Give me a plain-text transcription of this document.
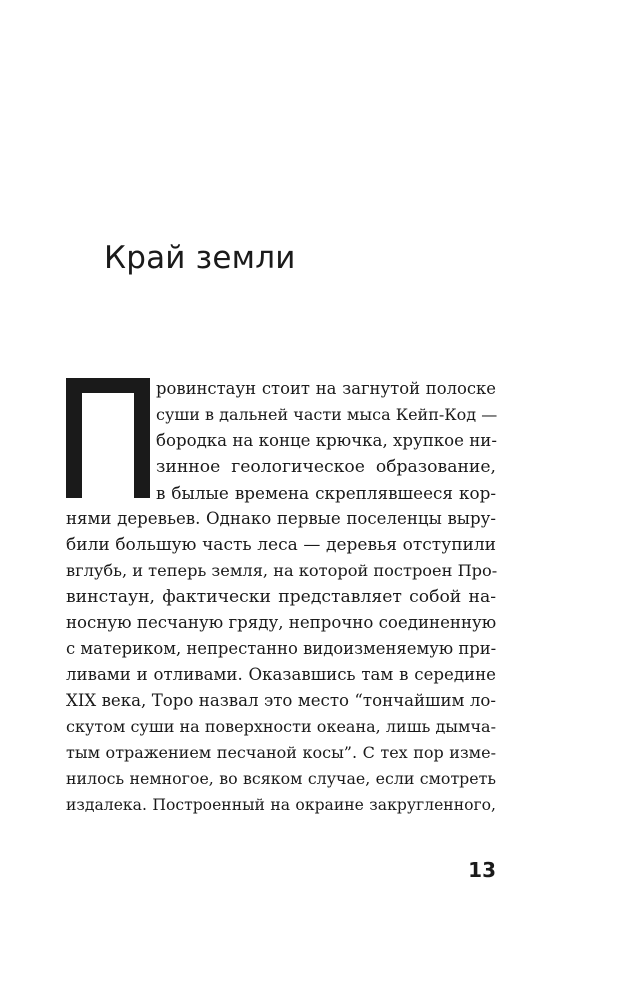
Край земли
ровинстаун стоит на загнутой полоске
суши в дальней части мыса Кейп-Код —
бородка на конце крючка, хрупкое ни-
зинное геологическое образование,
в былые времена скреплявшееся кор-
нями деревьев. Однако первые поселенцы выру-
били большую часть леса — деревья отступили
вглубь, и теперь земля, на которой построен Про-
винстаун, фактически представляет собой на-
носную песчаную гряду, непрочно соединенную
с материком, непрестанно видоизменяемую при-
ливами и отливами. Оказавшись там в середине
XIX века, Торо назвал это место “тончайшим ло-
скутом суши на поверхности океана, лишь дымча-
тым отражением песчаной косы”. С тех пор изме-
нилось немногое, во всяком случае, если смотреть
издалека. Построенный на окраине закругленного,
13
